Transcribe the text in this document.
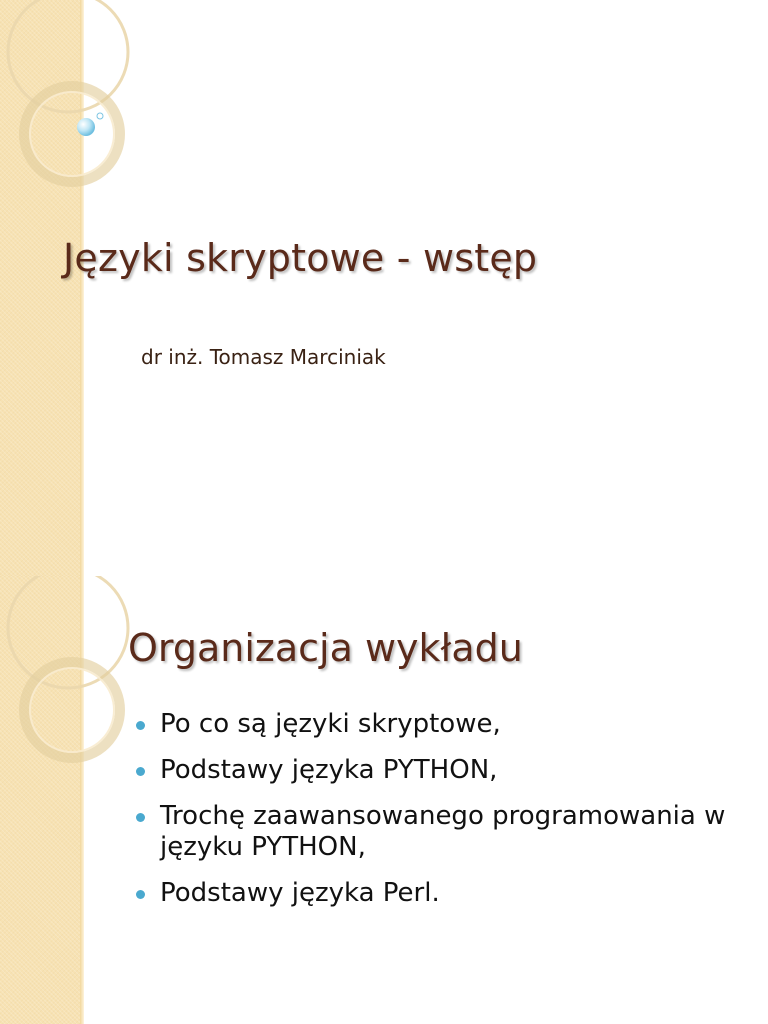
Języki skryptowe - wstęp

dr inż. Tomasz Marciniak

Organizacja wykładu
Po co są języki skryptowe,
Podstawy języka PYTHON,
Trochę zaawansowanego programowania w języku PYTHON,
Podstawy języka Perl.
